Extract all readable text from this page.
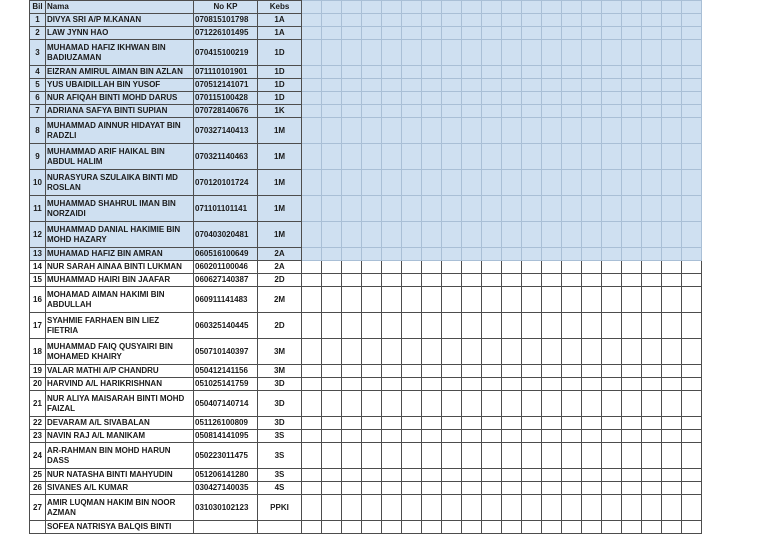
Bil	Nama	No KP	Kebs																				
1	DIVYA SRI A/P M.KANAN	070815101798	1A																				
2	LAW JYNN HAO	071226101495	1A																				
3	MUHAMAD HAFIZ IKHWAN BIN BADIUZAMAN	070415100219	1D																				
4	EIZRAN AMIRUL AIMAN BIN AZLAN	071110101901	1D																				
5	YUS UBAIDILLAH BIN YUSOF	070512141071	1D																				
6	NUR AFIQAH BINTI MOHD DARUS	070115100428	1D																				
7	ADRIANA SAFYA BINTI SUPIAN	070728140676	1K																				
8	MUHAMMAD AINNUR HIDAYAT BIN RADZLI	070327140413	1M																				
9	MUHAMMAD ARIF HAIKAL BIN ABDUL HALIM	070321140463	1M																				
10	NURASYURA SZULAIKA BINTI MD ROSLAN	070120101724	1M																				
11	MUHAMMAD SHAHRUL IMAN BIN NORZAIDI	071101101141	1M																				
12	MUHAMMAD DANIAL HAKIMIE BIN MOHD HAZARY	070403020481	1M																				
13	MUHAMAD HAFIZ BIN AMRAN	060516100649	2A																				
14	NUR SARAH AINAA BINTI LUKMAN	060201100046	2A																				
15	MUHAMMAD HAIRI BIN JAAFAR	060627140387	2D																				
16	MOHAMAD AIMAN HAKIMI BIN ABDULLAH	060911141483	2M																				
17	SYAHMIE FARHAEN BIN LIEZ FIETRIA	060325140445	2D																				
18	MUHAMMAD FAIQ QUSYAIRI BIN MOHAMED KHAIRY	050710140397	3M																				
19	VALAR MATHI A/P CHANDRU	050412141156	3M																				
20	HARVIND A/L HARIKRISHNAN	051025141759	3D																				
21	NUR ALIYA MAISARAH BINTI MOHD FAIZAL	050407140714	3D																				
22	DEVARAM A/L SIVABALAN	051126100809	3D																				
23	NAVIN RAJ A/L MANIKAM	050814141095	3S																				
24	AR-RAHMAN BIN MOHD HARUN DASS	050223011475	3S																				
25	NUR NATASHA BINTI MAHYUDIN	051206141280	3S																				
26	SIVANES A/L KUMAR	030427140035	4S																				
27	AMIR LUQMAN HAKIM BIN NOOR AZMAN	031030102123	PPKI																				
	SOFEA NATRISYA BALQIS BINTI																						
